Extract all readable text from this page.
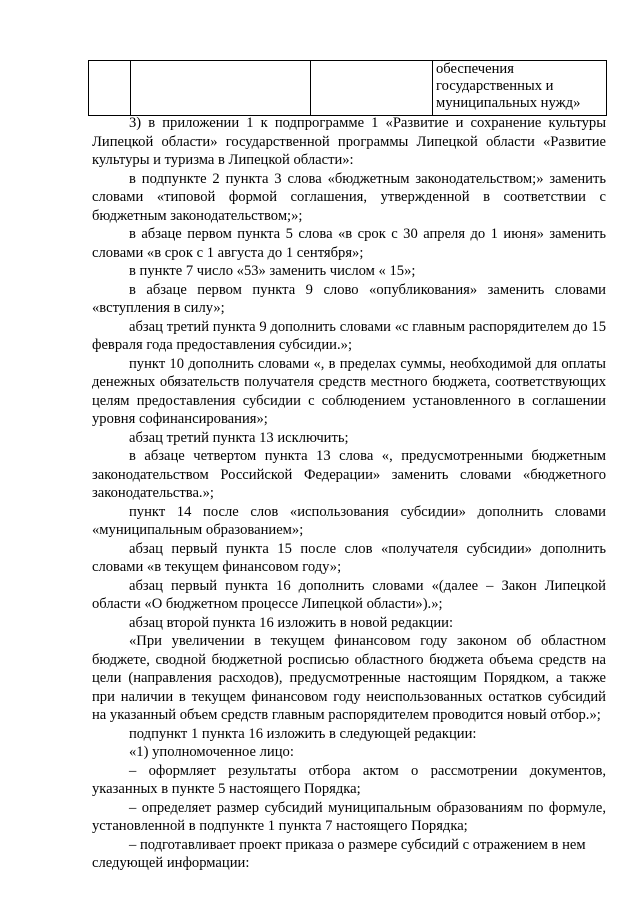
			обеспечения государственных и муниципальных нужд»

3) в приложении 1 к подпрограмме 1 «Развитие и сохранение культуры Липецкой области» государственной программы Липецкой области «Развитие культуры и туризма в Липецкой области»:

в подпункте 2 пункта 3 слова «бюджетным законодательством;» заменить словами «типовой формой соглашения, утвержденной в соответствии с бюджетным законодательством;»;

в абзаце первом пункта 5 слова «в срок с 30 апреля до 1 июня» заменить словами «в срок с 1 августа до 1 сентября»;

в пункте 7 число «53» заменить числом « 15»;

в абзаце первом пункта 9 слово «опубликования» заменить словами «вступления в силу»;

абзац третий пункта 9 дополнить словами «с главным распорядителем до 15 февраля года предоставления субсидии.»;

пункт 10 дополнить словами «, в пределах суммы, необходимой для оплаты денежных обязательств получателя средств местного бюджета, соответствующих целям предоставления субсидии с соблюдением установленного в соглашении уровня софинансирования»;

абзац третий пункта 13 исключить;

в абзаце четвертом пункта 13 слова «, предусмотренными бюджетным законодательством Российской Федерации» заменить словами «бюджетного законодательства.»;

пункт 14 после слов «использования субсидии» дополнить словами «муниципальным образованием»;

абзац первый пункта 15 после слов «получателя субсидии» дополнить словами «в текущем финансовом году»;

абзац первый пункта 16 дополнить словами «(далее – Закон Липецкой области «О бюджетном процессе Липецкой области»).»;

абзац второй пункта 16 изложить в новой редакции:

«При увеличении в текущем финансовом году законом об областном бюджете, сводной бюджетной росписью областного бюджета объема средств на цели (направления расходов), предусмотренные настоящим Порядком, а также при наличии в текущем финансовом году неиспользованных остатков субсидий на указанный объем средств главным распорядителем проводится новый отбор.»;

подпункт 1 пункта 16 изложить в следующей редакции:

«1) уполномоченное лицо:

– оформляет результаты отбора актом о рассмотрении документов, указанных в пункте 5 настоящего Порядка;

– определяет размер субсидий муниципальным образованиям по формуле, установленной в подпункте 1 пункта 7 настоящего Порядка;

– подготавливает проект приказа о размере субсидий с отражением в нем следующей информации:
